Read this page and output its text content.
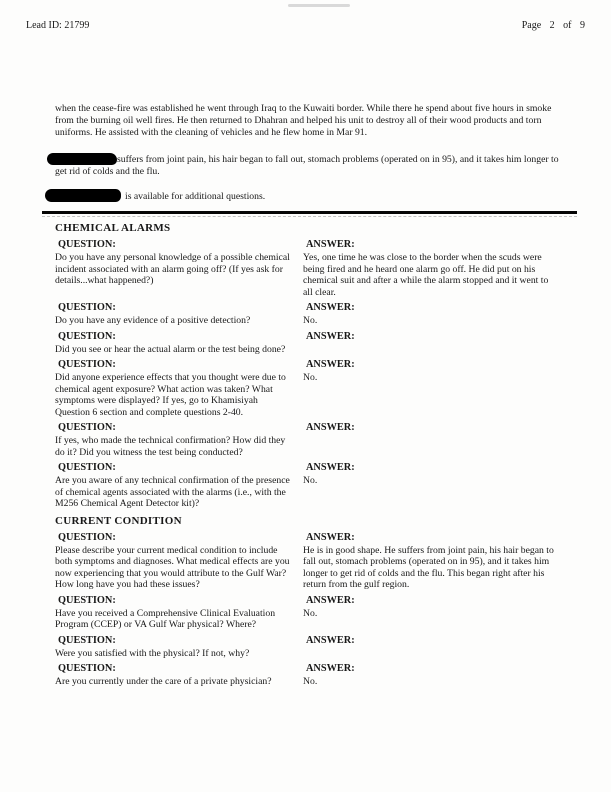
Lead ID: 21799	Page 2 of 9

when the cease-fire was established he went through Iraq to the Kuwaiti border. While there he spend about five hours in smoke from the burning oil well fires. He then returned to Dhahran and helped his unit to destroy all of their wood products and torn uniforms. He assisted with the cleaning of vehicles and he flew home in Mar 91.

suffers from joint pain, his hair began to fall out, stomach problems (operated on in 95), and it takes him longer to get rid of colds and the flu.

is available for additional questions.

CHEMICAL ALARMS
QUESTION:
Do you have any personal knowledge of a possible chemical incident associated with an alarm going off? (If yes ask for details...what happened?)
ANSWER:
Yes, one time he was close to the border when the scuds were being fired and he heard one alarm go off. He did put on his chemical suit and after a while the alarm stopped and it went to all clear.
QUESTION:
Do you have any evidence of a positive detection?
ANSWER:
No.
QUESTION:
Did you see or hear the actual alarm or the test being done?
ANSWER:
QUESTION:
Did anyone experience effects that you thought were due to chemical agent exposure? What action was taken? What symptoms were displayed? If yes, go to Khamisiyah Question 6 section and complete questions 2-40.
ANSWER:
No.
QUESTION:
If yes, who made the technical confirmation? How did they do it? Did you witness the test being conducted?
ANSWER:
QUESTION:
Are you aware of any technical confirmation of the presence of chemical agents associated with the alarms (i.e., with the M256 Chemical Agent Detector kit)?
ANSWER:
No.
CURRENT CONDITION
QUESTION:
Please describe your current medical condition to include both symptoms and diagnoses. What medical effects are you now experiencing that you would attribute to the Gulf War? How long have you had these issues?
ANSWER:
He is in good shape. He suffers from joint pain, his hair began to fall out, stomach problems (operated on in 95), and it takes him longer to get rid of colds and the flu. This began right after his return from the gulf region.
QUESTION:
Have you received a Comprehensive Clinical Evaluation Program (CCEP) or VA Gulf War physical? Where?
ANSWER:
No.
QUESTION:
Were you satisfied with the physical? If not, why?
ANSWER:
QUESTION:
Are you currently under the care of a private physician?
ANSWER:
No.
